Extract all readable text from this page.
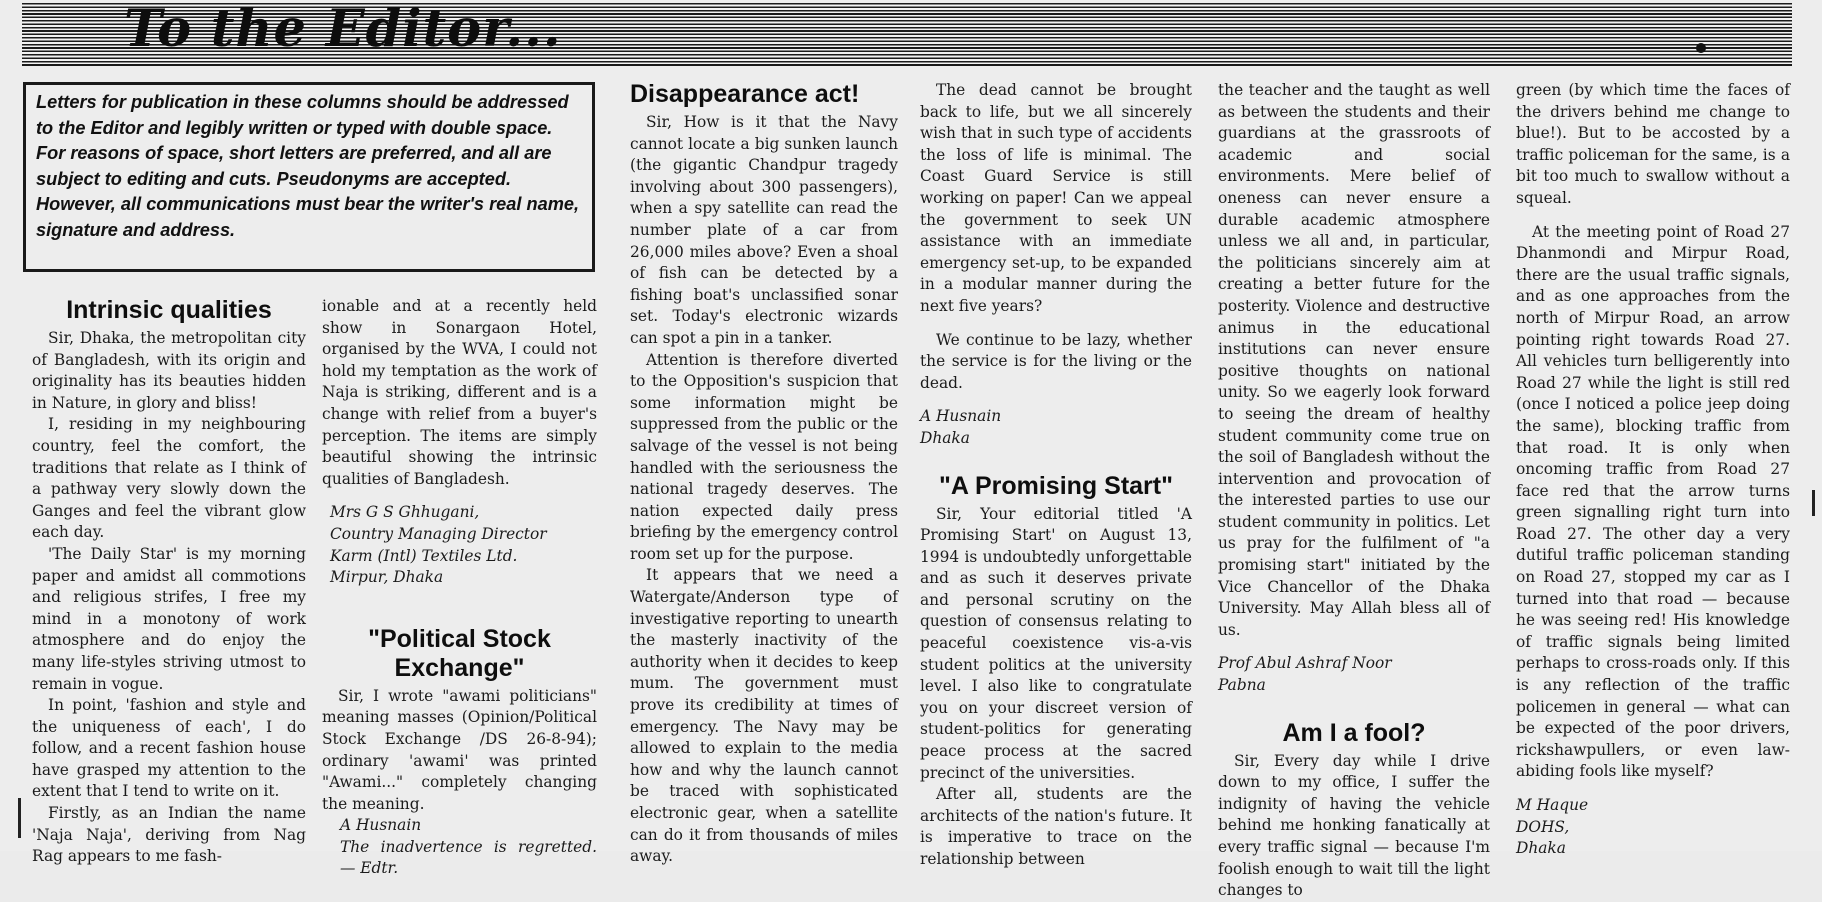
To the Editor...
Letters for publication in these columns should be addressed to the Editor and legibly written or typed with double space. For reasons of space, short letters are preferred, and all are subject to editing and cuts. Pseudonyms are accepted. However, all communications must bear the writer's real name, signature and address.
Intrinsic qualities

Sir, Dhaka, the metropolitan city of Bangladesh, with its origin and originality has its beauties hidden in Nature, in glory and bliss!

I, residing in my neighbouring country, feel the comfort, the traditions that relate as I think of a pathway very slowly down the Ganges and feel the vibrant glow each day.

'The Daily Star' is my morning paper and amidst all commotions and religious strifes, I free my mind in a monotony of work atmosphere and do enjoy the many life-styles striving utmost to remain in vogue.

In point, 'fashion and style and the uniqueness of each', I do follow, and a recent fashion house have grasped my attention to the extent that I tend to write on it.

Firstly, as an Indian the name 'Naja Naja', deriving from Nag Rag appears to me fash-

ionable and at a recently held show in Sonargaon Hotel, organised by the WVA, I could not hold my temptation as the work of Naja is striking, different and is a change with relief from a buyer's perception. The items are simply beautiful showing the intrinsic qualities of Bangladesh.

Mrs G S Ghhugani,

Country Managing Director

Karm (Intl) Textiles Ltd.

Mirpur, Dhaka

"Political Stock Exchange"

Sir, I wrote "awami politicians" meaning masses (Opinion/Political Stock Exchange /DS 26-8-94); ordinary 'awami' was printed "Awami..." completely changing the meaning.

A Husnain

The inadvertence is regretted. — Edtr.

Disappearance act!

Sir, How is it that the Navy cannot locate a big sunken launch (the gigantic Chandpur tragedy involving about 300 passengers), when a spy satellite can read the number plate of a car from 26,000 miles above? Even a shoal of fish can be detected by a fishing boat's unclassified sonar set. Today's electronic wizards can spot a pin in a tanker.

Attention is therefore diverted to the Opposition's suspicion that some information might be suppressed from the public or the salvage of the vessel is not being handled with the seriousness the national tragedy deserves. The nation expected daily press briefing by the emergency control room set up for the purpose.

It appears that we need a Watergate/Anderson type of investigative reporting to unearth the masterly inactivity of the authority when it decides to keep mum. The government must prove its credibility at times of emergency. The Navy may be allowed to explain to the media how and why the launch cannot be traced with sophisticated electronic gear, when a satellite can do it from thousands of miles away.

The dead cannot be brought back to life, but we all sincerely wish that in such type of accidents the loss of life is minimal. The Coast Guard Service is still working on paper! Can we appeal the government to seek UN assistance with an immediate emergency set-up, to be expanded in a modular manner during the next five years?

We continue to be lazy, whether the service is for the living or the dead.

A Husnain

Dhaka

"A Promising Start"

Sir, Your editorial titled 'A Promising Start' on August 13, 1994 is undoubtedly unforgettable and as such it deserves private and personal scrutiny on the question of consensus relating to peaceful coexistence vis-a-vis student politics at the university level. I also like to congratulate you on your discreet version of student-politics for generating peace process at the sacred precinct of the universities.

After all, students are the architects of the nation's future. It is imperative to trace on the relationship between

the teacher and the taught as well as between the students and their guardians at the grassroots of academic and social environments. Mere belief of oneness can never ensure a durable academic atmosphere unless we all and, in particular, the politicians sincerely aim at creating a better future for the posterity. Violence and destructive animus in the educational institutions can never ensure positive thoughts on national unity. So we eagerly look forward to seeing the dream of healthy student community come true on the soil of Bangladesh without the intervention and provocation of the interested parties to use our student community in politics. Let us pray for the fulfilment of "a promising start" initiated by the Vice Chancellor of the Dhaka University. May Allah bless all of us.

Prof Abul Ashraf Noor

Pabna

Am I a fool?

Sir, Every day while I drive down to my office, I suffer the indignity of having the vehicle behind me honking fanatically at every traffic signal — because I'm foolish enough to wait till the light changes to

green (by which time the faces of the drivers behind me change to blue!). But to be accosted by a traffic policeman for the same, is a bit too much to swallow without a squeal.

At the meeting point of Road 27 Dhanmondi and Mirpur Road, there are the usual traffic signals, and as one approaches from the north of Mirpur Road, an arrow pointing right towards Road 27. All vehicles turn belligerently into Road 27 while the light is still red (once I noticed a police jeep doing the same), blocking traffic from that road. It is only when oncoming traffic from Road 27 face red that the arrow turns green signalling right turn into Road 27. The other day a very dutiful traffic policeman standing on Road 27, stopped my car as I turned into that road — because he was seeing red! His knowledge of traffic signals being limited perhaps to cross-roads only. If this is any reflection of the traffic policemen in general — what can be expected of the poor drivers, rickshawpullers, or even law-abiding fools like myself?

M Haque

DOHS,

Dhaka
